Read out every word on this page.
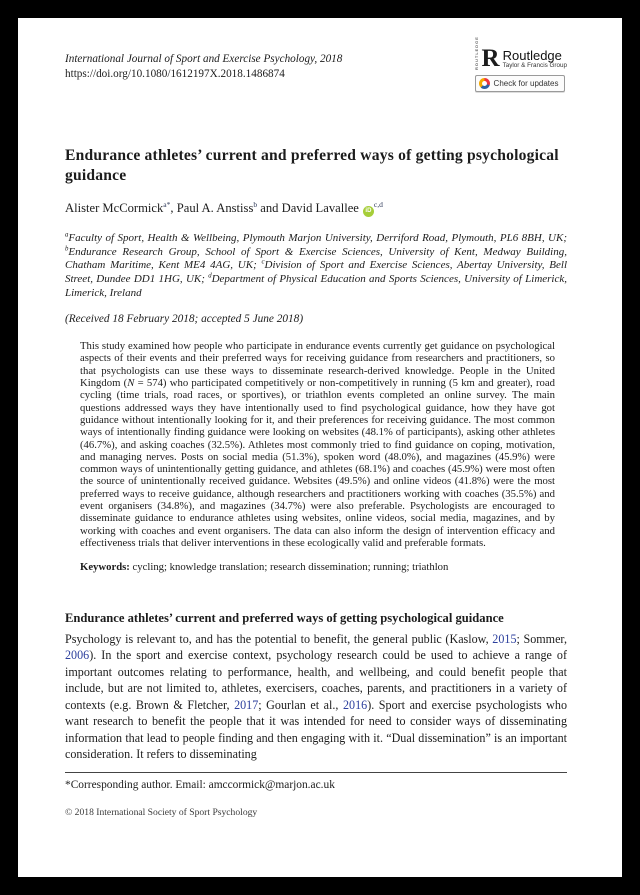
International Journal of Sport and Exercise Psychology, 2018
https://doi.org/10.1080/1612197X.2018.1486874
ROUTLEDGE R Routledge
Taylor & Francis Group
Check for updates
Endurance athletes’ current and preferred ways of getting psychological guidance
Alister McCormick$^{a*}$, Paul A. Anstiss$^b$ and David Lavallee iD$^{c,d}$
$^a$Faculty of Sport, Health & Wellbeing, Plymouth Marjon University, Derriford Road, Plymouth, PL6 8BH, UK; $^b$Endurance Research Group, School of Sport & Exercise Sciences, University of Kent, Medway Building, Chatham Maritime, Kent ME4 4AG, UK; $^c$Division of Sport and Exercise Sciences, Abertay University, Bell Street, Dundee DD1 1HG, UK; $^d$Department of Physical Education and Sports Sciences, University of Limerick, Limerick, Ireland
(Received 18 February 2018; accepted 5 June 2018)
This study examined how people who participate in endurance events currently get guidance on psychological aspects of their events and their preferred ways for receiving guidance from researchers and practitioners, so that psychologists can use these ways to disseminate research-derived knowledge. People in the United Kingdom (N = 574) who participated competitively or non-competitively in running (5 km and greater), road cycling (time trials, road races, or sportives), or triathlon events completed an online survey. The main questions addressed ways they have intentionally used to find psychological guidance, how they have got guidance without intentionally looking for it, and their preferences for receiving guidance. The most common ways of intentionally finding guidance were looking on websites (48.1% of participants), asking other athletes (46.7%), and asking coaches (32.5%). Athletes most commonly tried to find guidance on coping, motivation, and managing nerves. Posts on social media (51.3%), spoken word (48.0%), and magazines (45.9%) were common ways of unintentionally getting guidance, and athletes (68.1%) and coaches (45.9%) were most often the source of unintentionally received guidance. Websites (49.5%) and online videos (41.8%) were the most preferred ways to receive guidance, although researchers and practitioners working with coaches (35.5%) and event organisers (34.8%), and magazines (34.7%) were also preferable. Psychologists are encouraged to disseminate guidance to endurance athletes using websites, online videos, social media, magazines, and by working with coaches and event organisers. The data can also inform the design of intervention efficacy and effectiveness trials that deliver interventions in these ecologically valid and preferable formats.
Keywords: cycling; knowledge translation; research dissemination; running; triathlon
Endurance athletes’ current and preferred ways of getting psychological guidance
Psychology is relevant to, and has the potential to benefit, the general public (Kaslow, 2015; Sommer, 2006). In the sport and exercise context, psychology research could be used to achieve a range of important outcomes relating to performance, health, and wellbeing, and could benefit people that include, but are not limited to, athletes, exercisers, coaches, parents, and practitioners in a variety of contexts (e.g. Brown & Fletcher, 2017; Gourlan et al., 2016). Sport and exercise psychologists who want research to benefit the people that it was intended for need to consider ways of disseminating information that lead to people finding and then engaging with it. “Dual dissemination” is an important consideration. It refers to disseminating
*Corresponding author. Email: amccormick@marjon.ac.uk
© 2018 International Society of Sport Psychology
